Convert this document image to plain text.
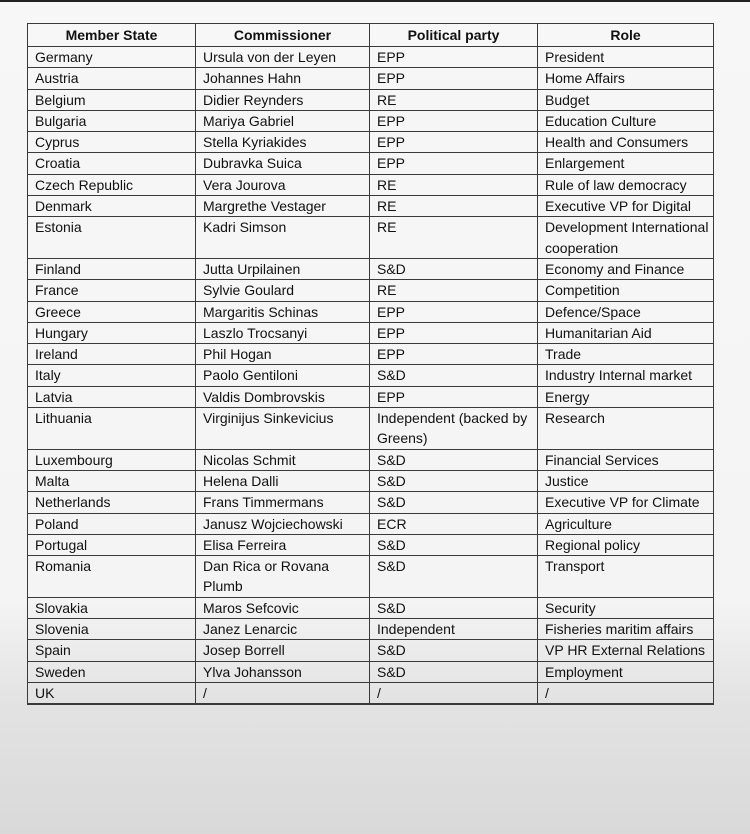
Member State	Commissioner	Political party	Role
Germany	Ursula von der Leyen	EPP	President
Austria	Johannes Hahn	EPP	Home Affairs
Belgium	Didier Reynders	RE	Budget
Bulgaria	Mariya Gabriel	EPP	Education Culture
Cyprus	Stella Kyriakides	EPP	Health and Consumers
Croatia	Dubravka Suica	EPP	Enlargement
Czech Republic	Vera Jourova	RE	Rule of law democracy
Denmark	Margrethe Vestager	RE	Executive VP for Digital
Estonia	Kadri Simson	RE	Development International cooperation
Finland	Jutta Urpilainen	S&D	Economy and Finance
France	Sylvie Goulard	RE	Competition
Greece	Margaritis Schinas	EPP	Defence/Space
Hungary	Laszlo Trocsanyi	EPP	Humanitarian Aid
Ireland	Phil Hogan	EPP	Trade
Italy	Paolo Gentiloni	S&D	Industry Internal market
Latvia	Valdis Dombrovskis	EPP	Energy
Lithuania	Virginijus Sinkevicius	Independent (backed by Greens)	Research
Luxembourg	Nicolas Schmit	S&D	Financial Services
Malta	Helena Dalli	S&D	Justice
Netherlands	Frans Timmermans	S&D	Executive VP for Climate
Poland	Janusz Wojciechowski	ECR	Agriculture
Portugal	Elisa Ferreira	S&D	Regional policy
Romania	Dan Rica or Rovana Plumb	S&D	Transport
Slovakia	Maros Sefcovic	S&D	Security
Slovenia	Janez Lenarcic	Independent	Fisheries maritim affairs
Spain	Josep Borrell	S&D	VP HR External Relations
Sweden	Ylva Johansson	S&D	Employment
UK	/	/	/
